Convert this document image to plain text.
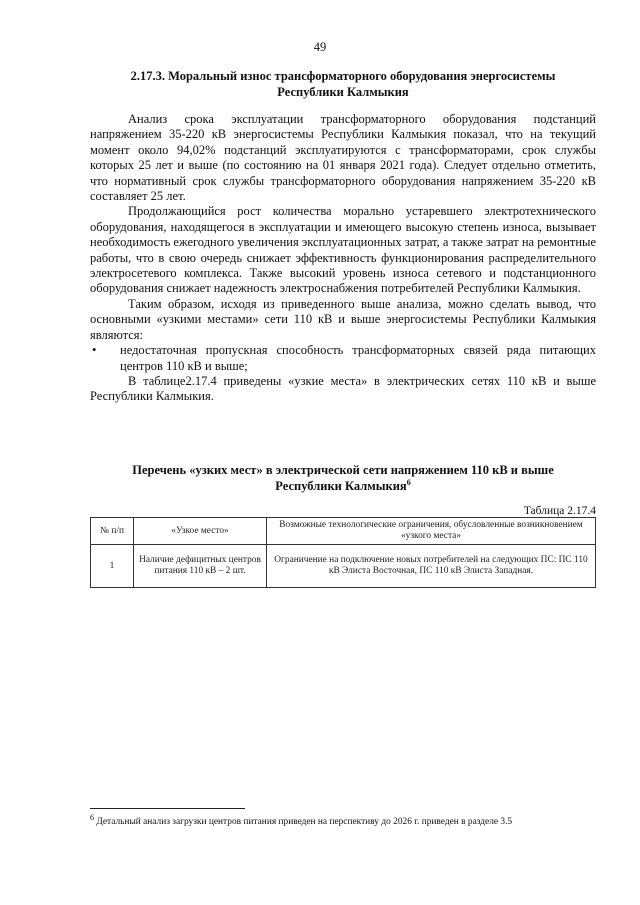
49
2.17.3. Моральный износ трансформаторного оборудования энергосистемы
Республики Калмыкия

Анализ срока эксплуатации трансформаторного оборудования подстанций напряжением 35-220 кВ энергосистемы Республики Калмыкия показал, что на текущий момент около 94,02% подстанций эксплуатируются с трансформаторами, срок службы которых 25 лет и выше (по состоянию на 01 января 2021 года). Следует отдельно отметить, что нормативный срок службы трансформаторного оборудования напряжением 35-220 кВ составляет 25 лет.

Продолжающийся рост количества морально устаревшего электротехнического оборудования, находящегося в эксплуатации и имеющего высокую степень износа, вызывает необходимость ежегодного увеличения эксплуатационных затрат, а также затрат на ремонтные работы, что в свою очередь снижает эффективность функционирования распределительного электросетевого комплекса. Также высокий уровень износа сетевого и подстанционного оборудования снижает надежность электроснабжения потребителей Республики Калмыкия.

Таким образом, исходя из приведенного выше анализа, можно сделать вывод, что основными «узкими местами» сети 110 кВ и выше энергосистемы Республики Калмыкия являются:

• недостаточная пропускная способность трансформаторных связей ряда питающих центров 110 кВ и выше;

В таблице2.17.4 приведены «узкие места» в электрических сетях 110 кВ и выше Республики Калмыкия.

Перечень «узких мест» в электрической сети напряжением 110 кВ и выше
Республики Калмыкия$^6$
Таблица 2.17.4
№ п/п	«Узкое место»	Возможные технологические ограничения, обусловленные возникновением «узкого места»
1	Наличие дефицитных центров питания 110 кВ – 2 шт.	Ограничение на подключение новых потребителей на следующих ПС: ПС 110 кВ Элиста Восточная, ПС 110 кВ Элиста Западная.
$^6$ Детальный анализ загрузки центров питания приведен на перспективу до 2026 г. приведен в разделе 3.5
